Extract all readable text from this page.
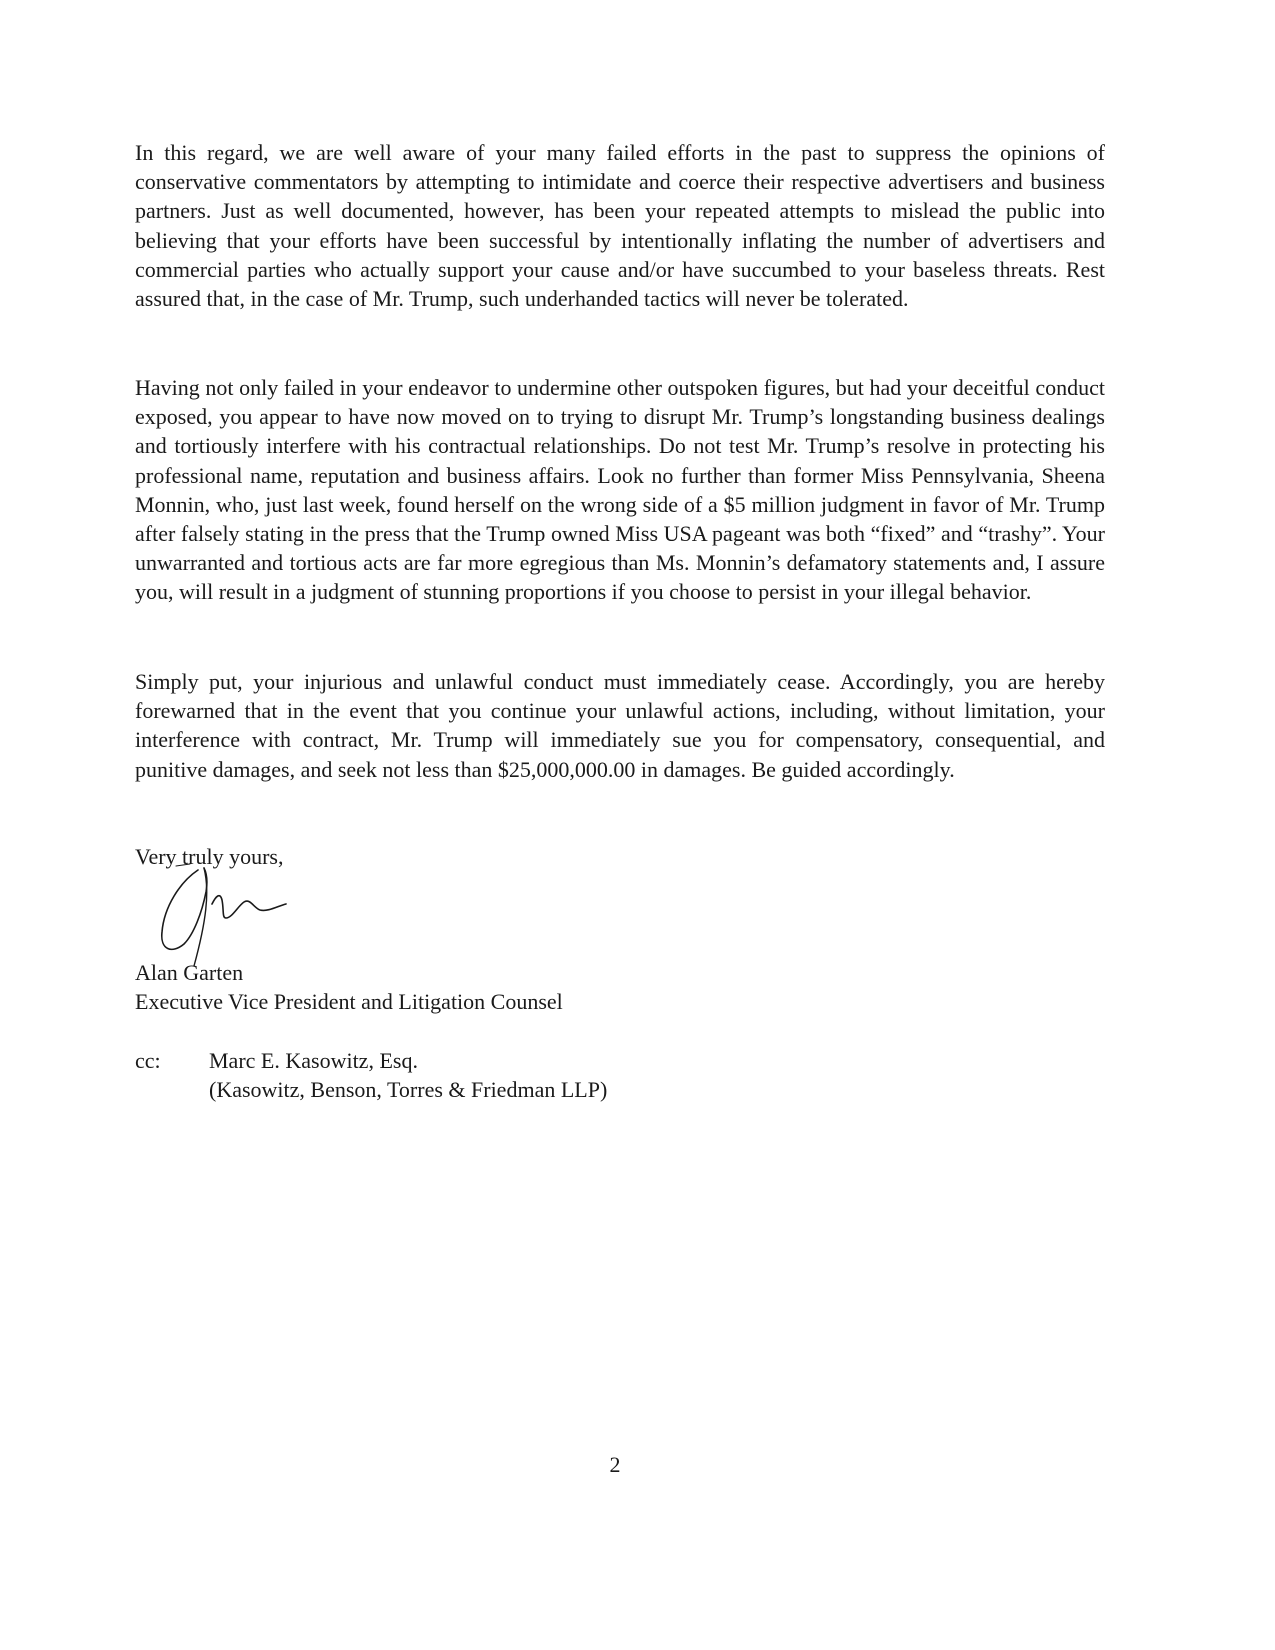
In this regard, we are well aware of your many failed efforts in the past to suppress the opinions of conservative commentators by attempting to intimidate and coerce their respective advertisers and business partners. Just as well documented, however, has been your repeated attempts to mislead the public into believing that your efforts have been successful by intentionally inflating the number of advertisers and commercial parties who actually support your cause and/or have succumbed to your baseless threats. Rest assured that, in the case of Mr. Trump, such underhanded tactics will never be tolerated.

Having not only failed in your endeavor to undermine other outspoken figures, but had your deceitful conduct exposed, you appear to have now moved on to trying to disrupt Mr. Trump’s longstanding business dealings and tortiously interfere with his contractual relationships. Do not test Mr. Trump’s resolve in protecting his professional name, reputation and business affairs. Look no further than former Miss Pennsylvania, Sheena Monnin, who, just last week, found herself on the wrong side of a $5 million judgment in favor of Mr. Trump after falsely stating in the press that the Trump owned Miss USA pageant was both “fixed” and “trashy”. Your unwarranted and tortious acts are far more egregious than Ms. Monnin’s defamatory statements and, I assure you, will result in a judgment of stunning proportions if you choose to persist in your illegal behavior.

Simply put, your injurious and unlawful conduct must immediately cease. Accordingly, you are hereby forewarned that in the event that you continue your unlawful actions, including, without limitation, your interference with contract, Mr. Trump will immediately sue you for compensatory, consequential, and punitive damages, and seek not less than $25,000,000.00 in damages. Be guided accordingly.

Very truly yours,
Alan Garten
Executive Vice President and Litigation Counsel
cc: Marc E. Kasowitz, Esq.
(Kasowitz, Benson, Torres & Friedman LLP)
2
